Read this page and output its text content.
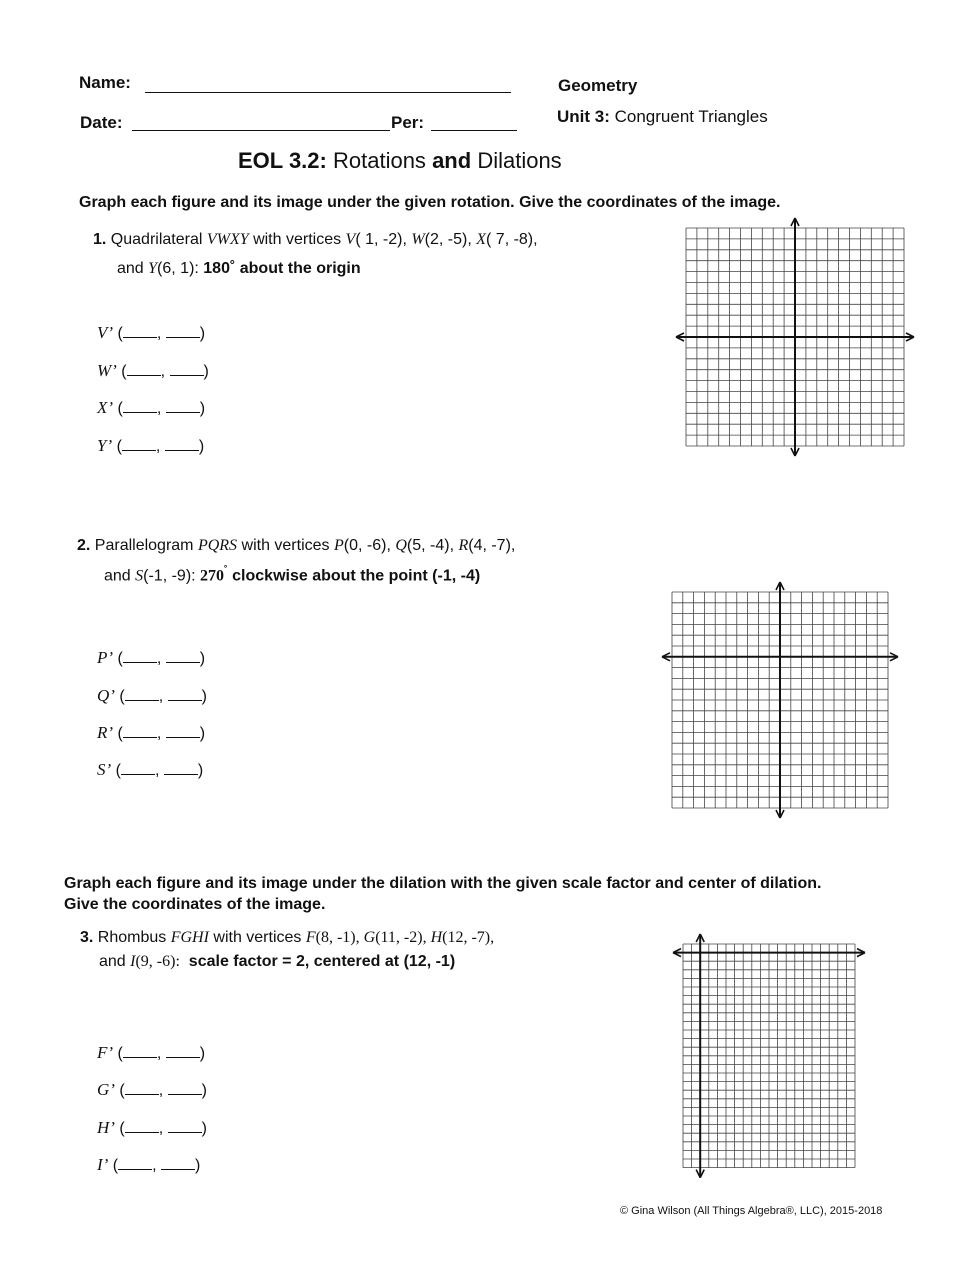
Name:
Date:	Per:
Geometry
Unit 3: Congruent Triangles
EOL 3.2: Rotations and Dilations
Graph each figure and its image under the given rotation. Give the coordinates of the image.
1. Quadrilateral VWXY with vertices V( 1, -2), W(2, -5), X( 7, -8),
and Y(6, 1): 180˚ about the origin
V’ ( , )
W’ ( , )
X’ ( , )
Y’ ( , )
2. Parallelogram PQRS with vertices P(0, -6), Q(5, -4), R(4, -7),
and S(-1, -9): 270˚ clockwise about the point (-1, -4)
P’ ( , )
Q’ ( , )
R’ ( , )
S’ ( , )
Graph each figure and its image under the dilation with the given scale factor and center of dilation.
Give the coordinates of the image.
3. Rhombus FGHI with vertices F(8, -1), G(11, -2), H(12, -7),
and I(9, -6): scale factor = 2, centered at (12, -1)
F’ ( , )
G’ ( , )
H’ ( , )
I’ ( , )
© Gina Wilson (All Things Algebra®, LLC), 2015-2018
